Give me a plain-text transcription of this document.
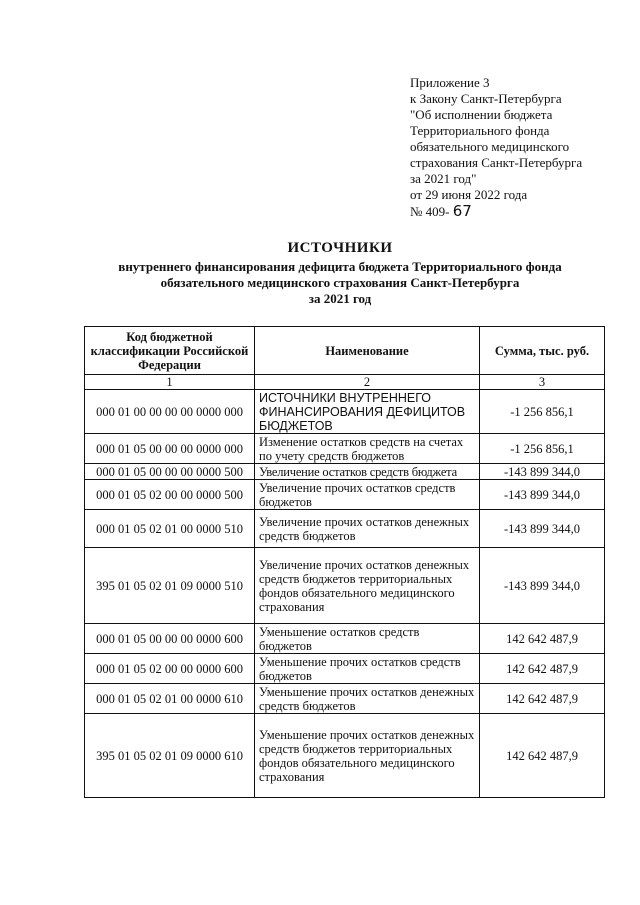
Приложение 3
к Закону Санкт-Петербурга
"Об исполнении бюджета
Территориального фонда
обязательного медицинского
страхования Санкт-Петербурга
за 2021 год"
от 29 июня 2022 года
№ 409- 67
ИСТОЧНИКИ
внутреннего финансирования дефицита бюджета Территориального фонда
обязательного медицинского страхования Санкт-Петербурга
за 2021 год
Код бюджетной классификации Российской Федерации	Наименование	Сумма, тыс. руб.
1	2	3
000 01 00 00 00 00 0000 000	ИСТОЧНИКИ ВНУТРЕННЕГО ФИНАНСИРОВАНИЯ ДЕФИЦИТОВ БЮДЖЕТОВ	-1 256 856,1
000 01 05 00 00 00 0000 000	Изменение остатков средств на счетах по учету средств бюджетов	-1 256 856,1
000 01 05 00 00 00 0000 500	Увеличение остатков средств бюджета	-143 899 344,0
000 01 05 02 00 00 0000 500	Увеличение прочих остатков средств бюджетов	-143 899 344,0
000 01 05 02 01 00 0000 510	Увеличение прочих остатков денежных средств бюджетов	-143 899 344,0
395 01 05 02 01 09 0000 510	Увеличение прочих остатков денежных средств бюджетов территориальных фондов обязательного медицинского страхования	-143 899 344,0
000 01 05 00 00 00 0000 600	Уменьшение остатков средств бюджетов	142 642 487,9
000 01 05 02 00 00 0000 600	Уменьшение прочих остатков средств бюджетов	142 642 487,9
000 01 05 02 01 00 0000 610	Уменьшение прочих остатков денежных средств бюджетов	142 642 487,9
395 01 05 02 01 09 0000 610	Уменьшение прочих остатков денежных средств бюджетов территориальных фондов обязательного медицинского страхования	142 642 487,9
